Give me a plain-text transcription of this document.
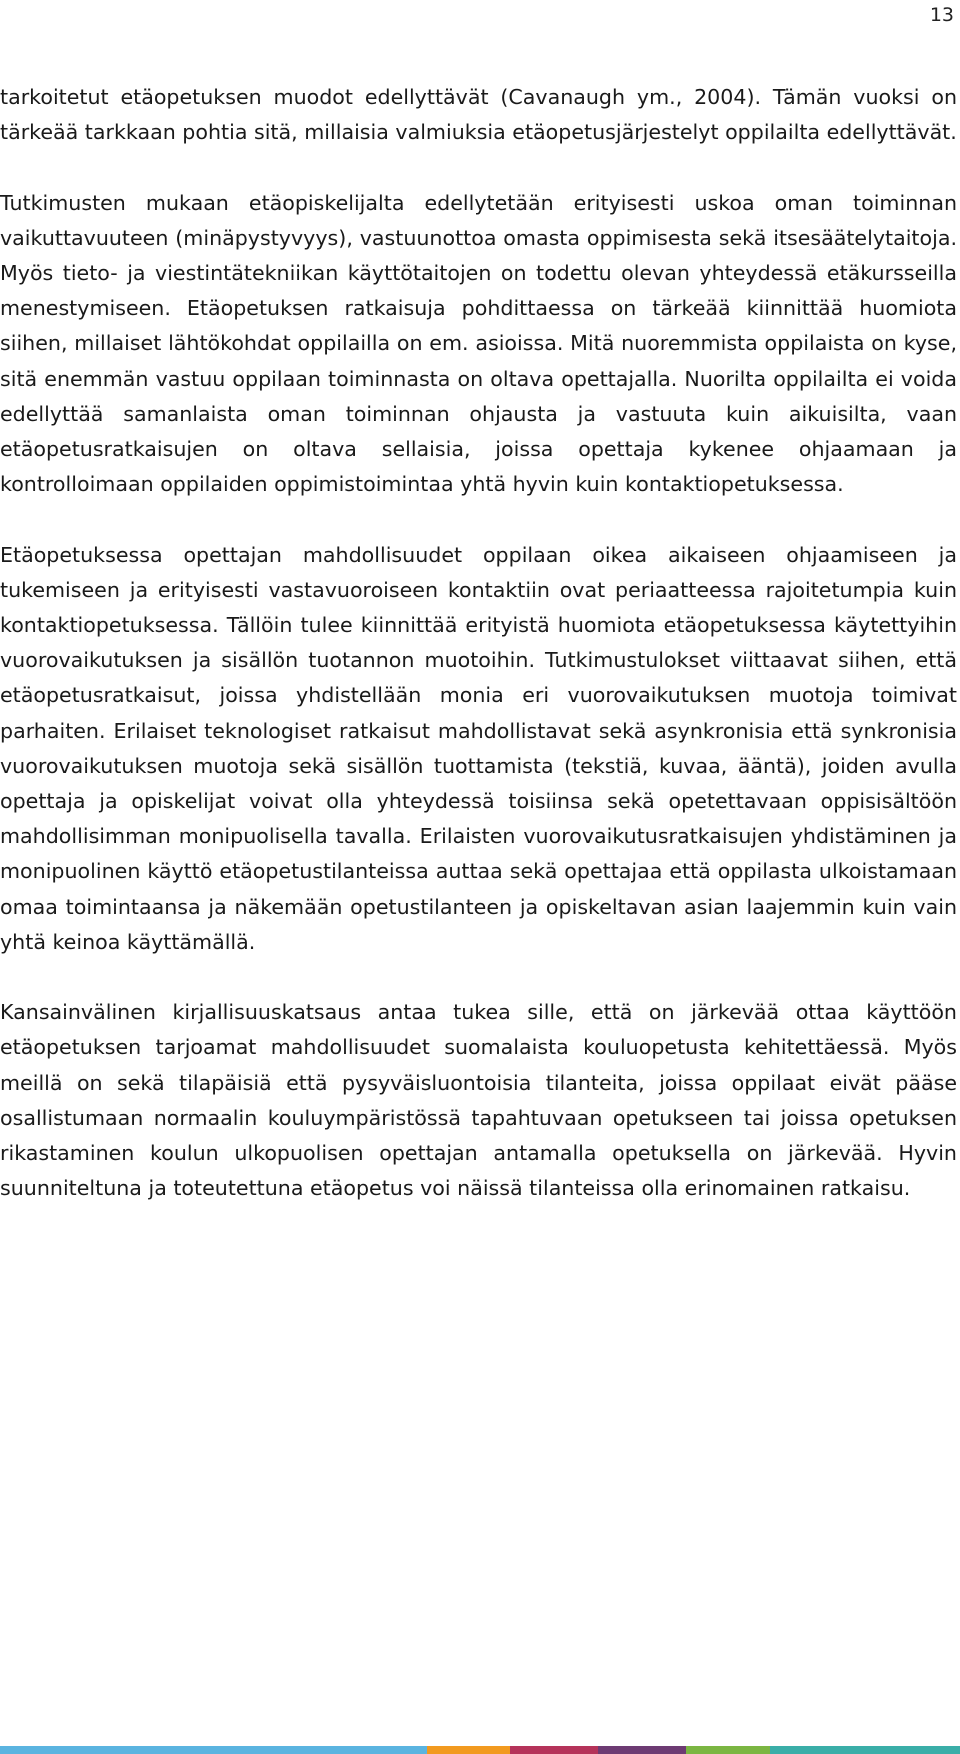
13

tarkoitetut etäopetuksen muodot edellyttävät (Cavanaugh ym., 2004). Tämän vuoksi on tärkeää tarkkaan pohtia sitä, millaisia valmiuksia etäopetusjärjestelyt oppilailta edellyttävät.

Tutkimusten mukaan etäopiskelijalta edellytetään erityisesti uskoa oman toiminnan vaikuttavuuteen (minäpystyvyys), vastuunottoa omasta oppimisesta sekä itsesäätelytaitoja. Myös tieto- ja viestintätekniikan käyttötaitojen on todettu olevan yhteydessä etäkursseilla menestymiseen. Etäopetuksen ratkaisuja pohdittaessa on tärkeää kiinnittää huomiota siihen, millaiset lähtökohdat oppilailla on em. asioissa. Mitä nuoremmista oppilaista on kyse, sitä enemmän vastuu oppilaan toiminnasta on oltava opettajalla. Nuorilta oppilailta ei voida edellyttää samanlaista oman toiminnan ohjausta ja vastuuta kuin aikuisilta, vaan etäopetusratkaisujen on oltava sellaisia, joissa opettaja kykenee ohjaamaan ja kontrolloimaan oppilaiden oppimistoimintaa yhtä hyvin kuin kontaktiopetuksessa.

Etäopetuksessa opettajan mahdollisuudet oppilaan oikea aikaiseen ohjaamiseen ja tukemiseen ja erityisesti vastavuoroiseen kontaktiin ovat periaatteessa rajoitetumpia kuin kontaktiopetuksessa. Tällöin tulee kiinnittää erityistä huomiota etäopetuksessa käytettyihin vuorovaikutuksen ja sisällön tuotannon muotoihin. Tutkimustulokset viittaavat siihen, että etäopetusratkaisut, joissa yhdistellään monia eri vuorovaikutuksen muotoja toimivat parhaiten. Erilaiset teknologiset ratkaisut mahdollistavat sekä asynkronisia että synkronisia vuorovaikutuksen muotoja sekä sisällön tuottamista (tekstiä, kuvaa, ääntä), joiden avulla opettaja ja opiskelijat voivat olla yhteydessä toisiinsa sekä opetettavaan oppisisältöön mahdollisimman monipuolisella tavalla. Erilaisten vuorovaikutusratkaisujen yhdistäminen ja monipuolinen käyttö etäopetustilanteissa auttaa sekä opettajaa että oppilasta ulkoistamaan omaa toimintaansa ja näkemään opetustilanteen ja opiskeltavan asian laajemmin kuin vain yhtä keinoa käyttämällä.

Kansainvälinen kirjallisuuskatsaus antaa tukea sille, että on järkevää ottaa käyttöön etäopetuksen tarjoamat mahdollisuudet suomalaista kouluopetusta kehitettäessä. Myös meillä on sekä tilapäisiä että pysyväisluontoisia tilanteita, joissa oppilaat eivät pääse osallistumaan normaalin kouluympäristössä tapahtuvaan opetukseen tai joissa opetuksen rikastaminen koulun ulkopuolisen opettajan antamalla opetuksella on järkevää. Hyvin suunniteltuna ja toteutettuna etäopetus voi näissä tilanteissa olla erinomainen ratkaisu.
